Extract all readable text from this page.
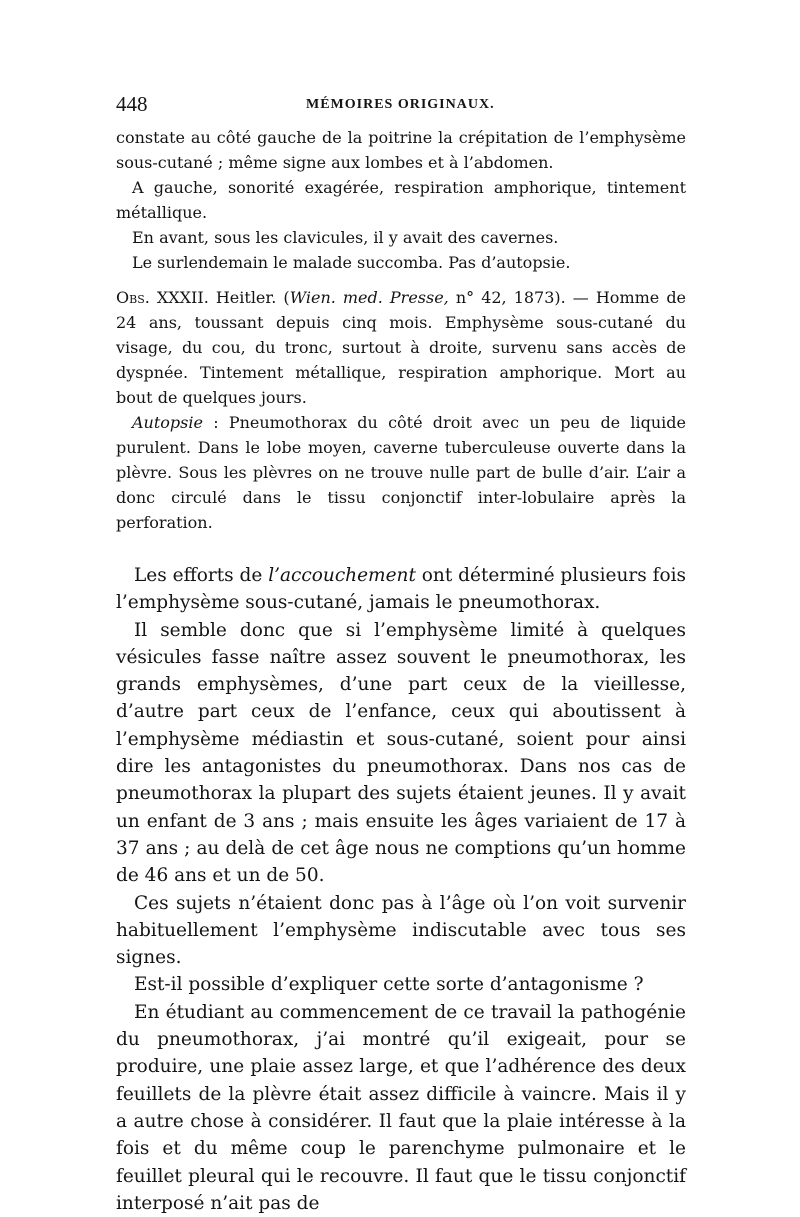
448	MÉMOIRES ORIGINAUX.

constate au côté gauche de la poitrine la crépitation de l’emphysème sous-cutané ; même signe aux lombes et à l’abdomen.

A gauche, sonorité exagérée, respiration amphorique, tintement métallique.

En avant, sous les clavicules, il y avait des cavernes.

Le surlendemain le malade succomba. Pas d’autopsie.

Obs. XXXII. Heitler. (Wien. med. Presse, n° 42, 1873). — Homme de 24 ans, toussant depuis cinq mois. Emphysème sous-cutané du visage, du cou, du tronc, surtout à droite, survenu sans accès de dyspnée. Tintement métallique, respiration amphorique. Mort au bout de quelques jours.

Autopsie : Pneumothorax du côté droit avec un peu de liquide purulent. Dans le lobe moyen, caverne tuberculeuse ouverte dans la plèvre. Sous les plèvres on ne trouve nulle part de bulle d’air. L’air a donc circulé dans le tissu conjonctif inter-lobulaire après la perforation.

Les efforts de l’accouchement ont déterminé plusieurs fois l’emphysème sous-cutané, jamais le pneumothorax.

Il semble donc que si l’emphysème limité à quelques vésicules fasse naître assez souvent le pneumothorax, les grands emphysèmes, d’une part ceux de la vieillesse, d’autre part ceux de l’enfance, ceux qui aboutissent à l’emphysème médiastin et sous-cutané, soient pour ainsi dire les antagonistes du pneumothorax. Dans nos cas de pneumothorax la plupart des sujets étaient jeunes. Il y avait un enfant de 3 ans ; mais ensuite les âges variaient de 17 à 37 ans ; au delà de cet âge nous ne comptions qu’un homme de 46 ans et un de 50.

Ces sujets n’étaient donc pas à l’âge où l’on voit survenir habituellement l’emphysème indiscutable avec tous ses signes.

Est-il possible d’expliquer cette sorte d’antagonisme ?

En étudiant au commencement de ce travail la pathogénie du pneumothorax, j’ai montré qu’il exigeait, pour se produire, une plaie assez large, et que l’adhérence des deux feuillets de la plèvre était assez difficile à vaincre. Mais il y a autre chose à considérer. Il faut que la plaie intéresse à la fois et du même coup le parenchyme pulmonaire et le feuillet pleural qui le recouvre. Il faut que le tissu conjonctif interposé n’ait pas de
